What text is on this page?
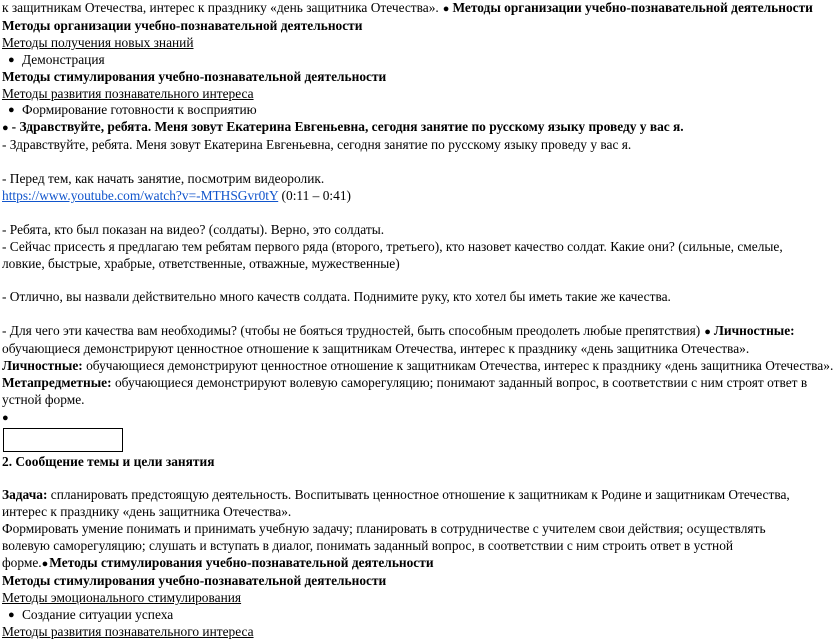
к защитникам Отечества, интерес к празднику «день защитника Отечества». ● Методы организации учебно-познавательной деятельности
Методы организации учебно-познавательной деятельности
Методы получения новых знаний
● Демонстрация
Методы стимулирования учебно-познавательной деятельности
Методы развития познавательного интереса
● Формирование готовности к восприятию
● - Здравствуйте, ребята. Меня зовут Екатерина Евгеньевна, сегодня занятие по русскому языку проведу у вас я.
- Здравствуйте, ребята. Меня зовут Екатерина Евгеньевна, сегодня занятие по русскому языку проведу у вас я.
- Перед тем, как начать занятие, посмотрим видеоролик.
https://www.youtube.com/watch?v=-MTHSGvr0tY (0:11 – 0:41)
- Ребята, кто был показан на видео? (солдаты). Верно, это солдаты.
- Сейчас присесть я предлагаю тем ребятам первого ряда (второго, третьего), кто назовет качество солдат. Какие они? (сильные, смелые, ловкие, быстрые, храбрые, ответственные, отважные, мужественные)
- Отлично, вы назвали действительно много качеств солдата. Поднимите руку, кто хотел бы иметь такие же качества.
- Для чего эти качества вам необходимы? (чтобы не бояться трудностей, быть способным преодолеть любые препятствия) ● Личностные:
обучающиеся демонстрируют ценностное отношение к защитникам Отечества, интерес к празднику «день защитника Отечества».
Личностные: обучающиеся демонстрируют ценностное отношение к защитникам Отечества, интерес к празднику «день защитника Отечества».
Метапредметные: обучающиеся демонстрируют волевую саморегуляцию; понимают заданный вопрос, в соответствии с ним строят ответ в устной форме.
●
2. Сообщение темы и цели занятия
Задача: спланировать предстоящую деятельность. Воспитывать ценностное отношение к защитникам к Родине и защитникам Отечества, интерес к празднику «день защитника Отечества».
Формировать умение понимать и принимать учебную задачу; планировать в сотрудничестве с учителем свои действия; осуществлять волевую саморегуляцию; слушать и вступать в диалог, понимать заданный вопрос, в соответствии с ним строить ответ в устной форме.●Методы стимулирования учебно-познавательной деятельности
Методы стимулирования учебно-познавательной деятельности
Методы эмоционального стимулирования
● Создание ситуации успеха
Методы развития познавательного интереса
